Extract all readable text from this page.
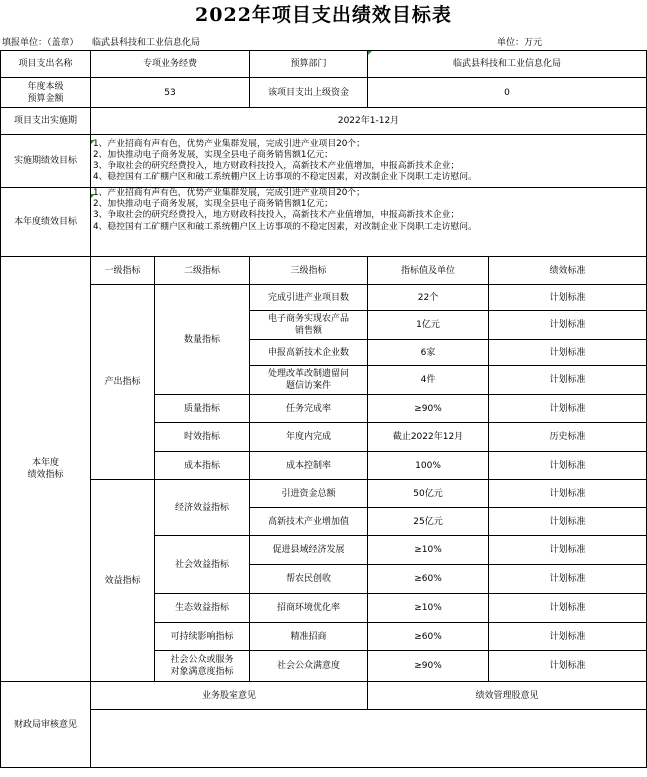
2022年项目支出绩效目标表
填报单位：（盖章）　　临武县科技和工业信息化局	单位：万元
项目支出名称	专项业务经费		预算部门	临武县科技和工业信息化局	
年度本级
预算金额	53		该项目支出上级资金	0	
项目支出实施期	2022年1-12月				
实施期绩效目标	1、产业招商有声有色，优势产业集群发展，完成引进产业项目20个；
2、加快推动电子商务发展，实现全县电子商务销售额1亿元；
3、争取社会的研究经费投入，地方财政科技投入，高新技术产业值增加，申报高新技术企业；
4、稳控国有工矿棚户区和破工系统棚户区上访事项的不稳定因素，对改制企业下岗职工走访慰问。				

本年度绩效目标	1、产业招商有声有色，优势产业集群发展，完成引进产业项目20个；
2、加快推动电子商务发展，实现全县电子商务销售额1亿元；
3、争取社会的研究经费投入，地方财政科技投入，高新技术产业值增加，申报高新技术企业；
4、稳控国有工矿棚户区和破工系统棚户区上访事项的不稳定因素，对改制企业下岗职工走访慰问。				

本年度
绩效指标	一级指标	二级指标	三级指标	指标值及单位	绩效标准
	产出指标	数量指标	完成引进产业项目数	22个	计划标准
			电子商务实现农产品
销售额	1亿元	计划标准
			申报高新技术企业数	6家	计划标准
			处理改革改制遗留问
题信访案件	4件	计划标准
		质量指标	任务完成率	≥90%	计划标准
		时效指标	年度内完成	截止2022年12月	历史标准
		成本指标	成本控制率	100%	计划标准
	效益指标	经济效益指标	引进资金总额	50亿元	计划标准
			高新技术产业增加值	25亿元	计划标准
		社会效益指标	促进县域经济发展	≥10%	计划标准
			帮农民创收	≥60%	计划标准
		生态效益指标	招商环境优化率	≥10%	计划标准
		可持续影响指标	精准招商	≥60%	计划标准
		社会公众或服务
对象满意度指标	社会公众满意度	≥90%	计划标准
财政局审核意见	业务股室意见			绩效管理股意见	
